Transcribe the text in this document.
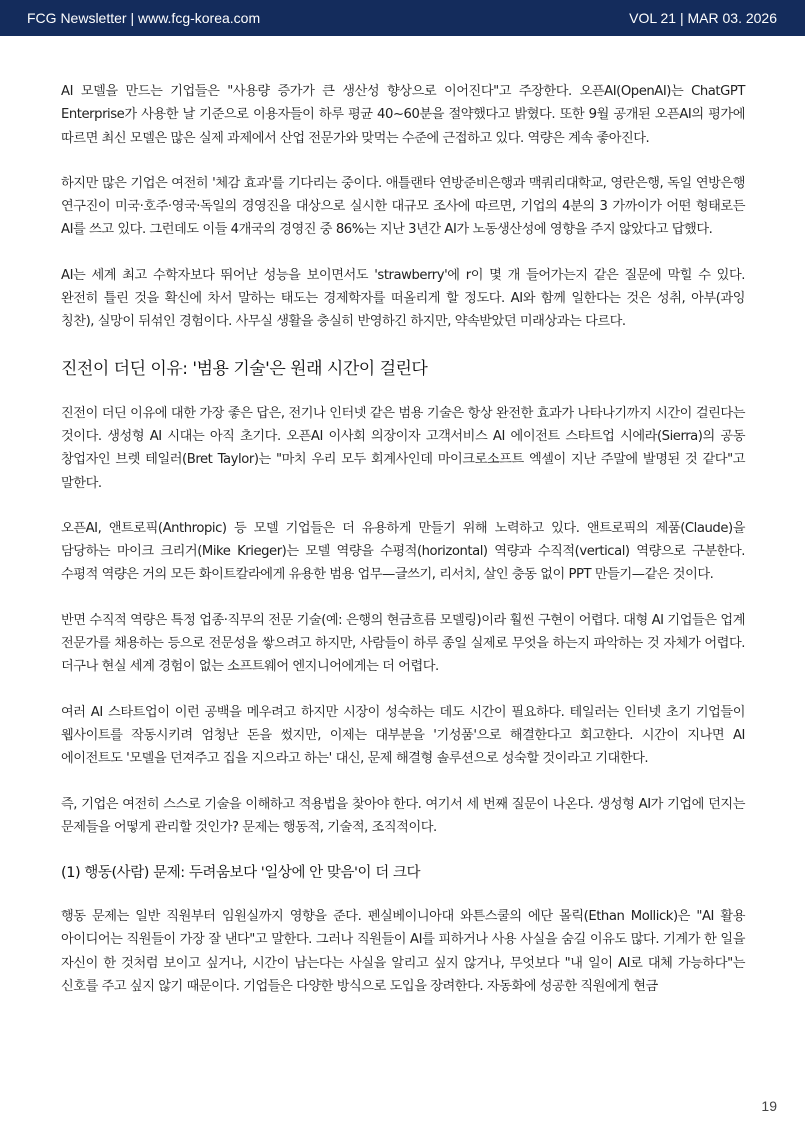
FCG Newsletter | www.fcg-korea.com	VOL 21 | MAR 03. 2026

AI 모델을 만드는 기업들은 "사용량 증가가 큰 생산성 향상으로 이어진다"고 주장한다. 오픈AI(OpenAI)는 ChatGPT Enterprise가 사용한 날 기준으로 이용자들이 하루 평균 40~60분을 절약했다고 밝혔다. 또한 9월 공개된 오픈AI의 평가에 따르면 최신 모델은 많은 실제 과제에서 산업 전문가와 맞먹는 수준에 근접하고 있다. 역량은 계속 좋아진다.

하지만 많은 기업은 여전히 '체감 효과'를 기다리는 중이다. 애틀랜타 연방준비은행과 맥쿼리대학교, 영란은행, 독일 연방은행 연구진이 미국·호주·영국·독일의 경영진을 대상으로 실시한 대규모 조사에 따르면, 기업의 4분의 3 가까이가 어떤 형태로든 AI를 쓰고 있다. 그런데도 이들 4개국의 경영진 중 86%는 지난 3년간 AI가 노동생산성에 영향을 주지 않았다고 답했다.

AI는 세계 최고 수학자보다 뛰어난 성능을 보이면서도 'strawberry'에 r이 몇 개 들어가는지 같은 질문에 막힐 수 있다. 완전히 틀린 것을 확신에 차서 말하는 태도는 경제학자를 떠올리게 할 정도다. AI와 함께 일한다는 것은 성취, 아부(과잉 칭찬), 실망이 뒤섞인 경험이다. 사무실 생활을 충실히 반영하긴 하지만, 약속받았던 미래상과는 다르다.

진전이 더딘 이유: '범용 기술'은 원래 시간이 걸린다

진전이 더딘 이유에 대한 가장 좋은 답은, 전기나 인터넷 같은 범용 기술은 항상 완전한 효과가 나타나기까지 시간이 걸린다는 것이다. 생성형 AI 시대는 아직 초기다. 오픈AI 이사회 의장이자 고객서비스 AI 에이전트 스타트업 시에라(Sierra)의 공동 창업자인 브렛 테일러(Bret Taylor)는 "마치 우리 모두 회계사인데 마이크로소프트 엑셀이 지난 주말에 발명된 것 같다"고 말한다.

오픈AI, 앤트로픽(Anthropic) 등 모델 기업들은 더 유용하게 만들기 위해 노력하고 있다. 앤트로픽의 제품(Claude)을 담당하는 마이크 크리거(Mike Krieger)는 모델 역량을 수평적(horizontal) 역량과 수직적(vertical) 역량으로 구분한다. 수평적 역량은 거의 모든 화이트칼라에게 유용한 범용 업무—글쓰기, 리서치, 살인 충동 없이 PPT 만들기—같은 것이다.

반면 수직적 역량은 특정 업종·직무의 전문 기술(예: 은행의 현금흐름 모델링)이라 훨씬 구현이 어렵다. 대형 AI 기업들은 업계 전문가를 채용하는 등으로 전문성을 쌓으려고 하지만, 사람들이 하루 종일 실제로 무엇을 하는지 파악하는 것 자체가 어렵다. 더구나 현실 세계 경험이 없는 소프트웨어 엔지니어에게는 더 어렵다.

여러 AI 스타트업이 이런 공백을 메우려고 하지만 시장이 성숙하는 데도 시간이 필요하다. 테일러는 인터넷 초기 기업들이 웹사이트를 작동시키려 엄청난 돈을 썼지만, 이제는 대부분을 '기성품'으로 해결한다고 회고한다. 시간이 지나면 AI 에이전트도 '모델을 던져주고 집을 지으라고 하는' 대신, 문제 해결형 솔루션으로 성숙할 것이라고 기대한다.

즉, 기업은 여전히 스스로 기술을 이해하고 적용법을 찾아야 한다. 여기서 세 번째 질문이 나온다. 생성형 AI가 기업에 던지는 문제들을 어떻게 관리할 것인가? 문제는 행동적, 기술적, 조직적이다.

(1) 행동(사람) 문제: 두려움보다 '일상에 안 맞음'이 더 크다

행동 문제는 일반 직원부터 임원실까지 영향을 준다. 펜실베이니아대 와튼스쿨의 에단 몰릭(Ethan Mollick)은 "AI 활용 아이디어는 직원들이 가장 잘 낸다"고 말한다. 그러나 직원들이 AI를 피하거나 사용 사실을 숨길 이유도 많다. 기계가 한 일을 자신이 한 것처럼 보이고 싶거나, 시간이 남는다는 사실을 알리고 싶지 않거나, 무엇보다 "내 일이 AI로 대체 가능하다"는 신호를 주고 싶지 않기 때문이다. 기업들은 다양한 방식으로 도입을 장려한다. 자동화에 성공한 직원에게 현금

19
